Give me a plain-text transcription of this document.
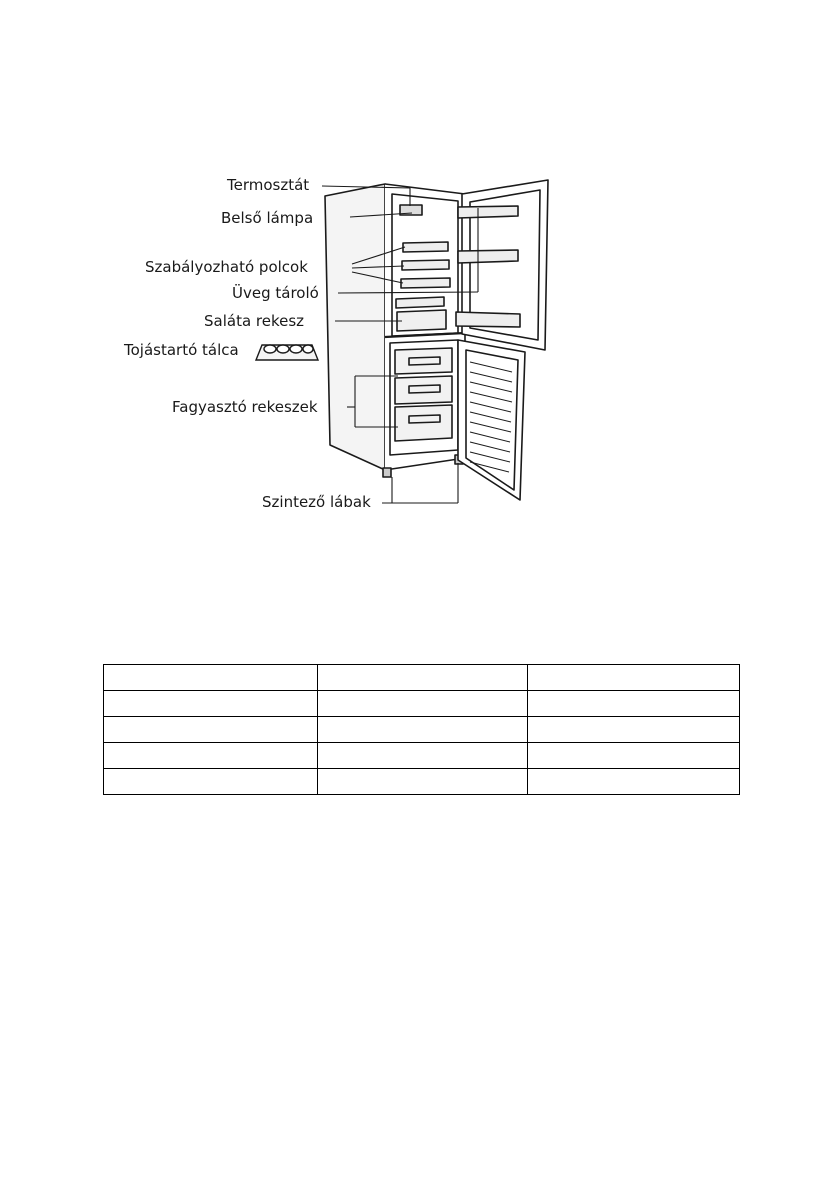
Termosztát
Belső lámpa
Szabályozható polcok
Üveg tároló
Saláta rekesz
Tojástartó tálca
Fagyasztó rekeszek
Szintező lábak
